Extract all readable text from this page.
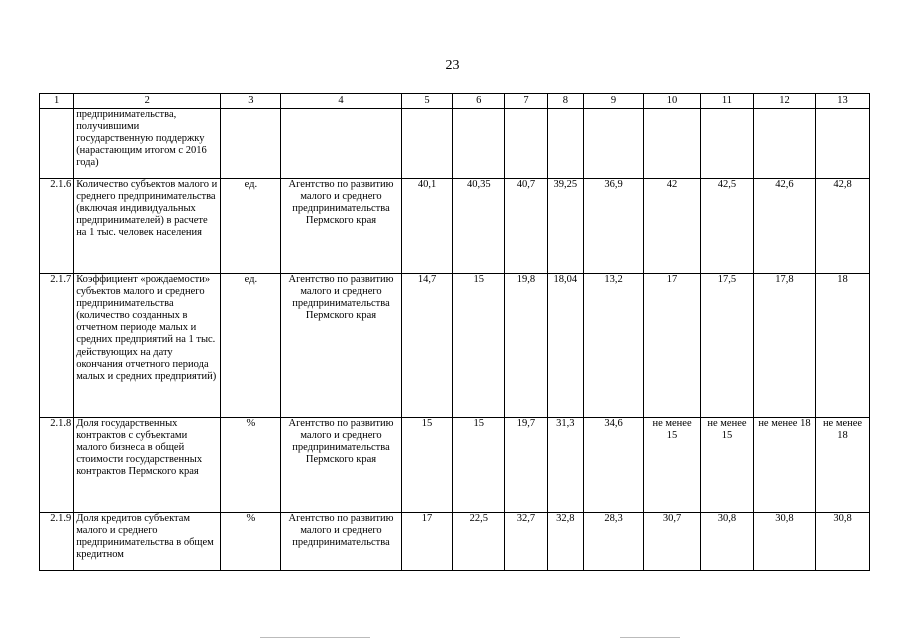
23
1	2	3	4	5	6	7	8	9	10	11	12	13
	предпринимательства, получившими государственную поддержку (нарастающим итогом с 2016 года)											
2.1.6	Количество субъектов малого и среднего предпринимательства (включая индивидуальных предпринимателей) в расчете на 1 тыс. человек населения	ед.	Агентство по развитию малого и среднего предпринимательства Пермского края	40,1	40,35	40,7	39,25	36,9	42	42,5	42,6	42,8
2.1.7	Коэффициент «рождаемости» субъектов малого и среднего предпринимательства (количество созданных в отчетном периоде малых и средних предприятий на 1 тыс. действующих на дату окончания отчетного периода малых и средних предприятий)	ед.	Агентство по развитию малого и среднего предпринимательства Пермского края	14,7	15	19,8	18,04	13,2	17	17,5	17,8	18
2.1.8	Доля государственных контрактов с субъектами малого бизнеса в общей стоимости государственных контрактов Пермского края	%	Агентство по развитию малого и среднего предпринимательства Пермского края	15	15	19,7	31,3	34,6	не менее 15	не менее 15	не менее 18	не менее 18
2.1.9	Доля кредитов субъектам малого и среднего предпринимательства в общем кредитном	%	Агентство по развитию малого и среднего предпринимательства	17	22,5	32,7	32,8	28,3	30,7	30,8	30,8	30,8
